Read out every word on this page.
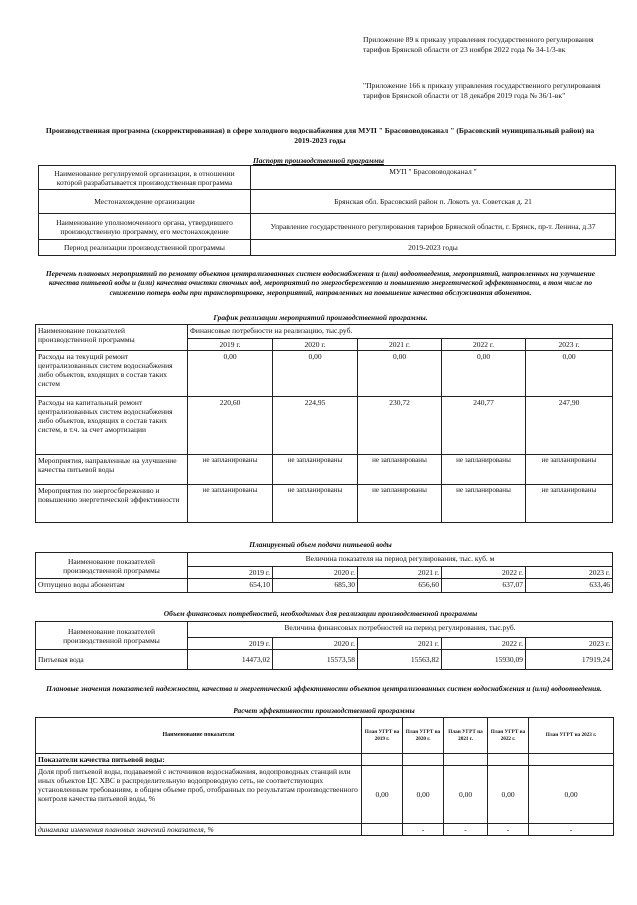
Приложение 89 к приказу управления государственного регулирования тарифов Брянской области от 23 ноября 2022 года № 34-1/3-вк
"Приложение 166 к приказу управления государственного регулирования тарифов Брянской области от 18 декабря 2019 года № 36/1-вк"
Производственная программа (скорректированная) в сфере холодного водоснабжения для МУП " Брасововодоканал " (Брасовский муниципальный район) на 2019-2023 годы
Паспорт производственной программы
Наименование регулируемой организации, в отношении которой разрабатывается производственная программа	МУП " Брасововодоканал "
Местонахождение организации	Брянская обл. Брасовский район п. Локоть ул. Советская д. 21
Наименование уполномоченного органа, утвердившего производственную программу, его местонахождение	Управление государственного регулирования тарифов Брянской области, г. Брянск, пр-т. Ленина, д.37
Период реализации производственной программы	2019-2023 годы
Перечень плановых мероприятий по ремонту объектов централизованных систем водоснабжения и (или) водоотведения, мероприятий, направленных на улучшение качества питьевой воды и (или) качества очистки сточных вод, мероприятий по энергосбережению и повышению энергетической эффективности, в том числе по снижению потерь воды при транспортировке, мероприятий, направленных на повышение качества обслуживания абонентов.
График реализации мероприятий производственной программы.
Наименование показателей производственной программы	Финансовые потребности на реализацию, тыс.руб.				
	2019 г.	2020 г.	2021 г.	2022 г.	2023 г.
Расходы на текущий ремонт централизованных систем водоснабжения либо объектов, входящих в состав таких систем	0,00	0,00	0,00	0,00	0,00
Расходы на капитальный ремонт централизованных систем водоснабжения либо объектов, входящих в состав таких систем, в т.ч. за счет амортизации	220,60	224,95	230,72	240,77	247,90
Мероприятия, направленные на улучшение качества питьевой воды	не запланированы	не запланированы	не запланированы	не запланированы	не запланированы
Мероприятия по энергосбережению и повышению энергетической эффективности	не запланированы	не запланированы	не запланированы	не запланированы	не запланированы
Планируемый объем подачи питьевой воды
Наименование показателей производственной программы	Величина показателя на период регулирования, тыс. куб. м				
	2019 г.	2020 г.	2021 г.	2022 г.	2023 г.
Отпущено воды абонентам	654,10	685,30	656,60	637,07	633,46
Объем финансовых потребностей, необходимых для реализации производственной программы
Наименование показателей производственной программы	Величина финансовых потребностей на период регулирования, тыс.руб.				
	2019 г.	2020 г.	2021 г.	2022 г.	2023 г.
Питьевая вода	14473,02	15573,58	15563,82	15930,09	17919,24
Плановые значения показателей надежности, качества и энергетической эффективности объектов централизованных систем водоснабжения и (или) водоотведения.
Расчет эффективности производственной программы
Наименование показатели	План УГРТ на 2019 г.	План УГРТ на 2020 г.	План УГРТ на 2021 г.	План УГРТ на 2022 г.	План УГРТ на 2023 г.
Показатели качества питьевой воды:					
Доля проб питьевой воды, подаваемой с источников водоснабжения, водопроводных станций или иных объектов ЦС ХВС в распределительную водопроводную сеть, не соответствующих установленным требованиям, в общем объеме проб, отобранных по результатам производственного контроля качества питьевой воды, %	0,00	0,00	0,00	0,00	0,00
динамика изменения плановых значений показателя, %		-	-	-	-
